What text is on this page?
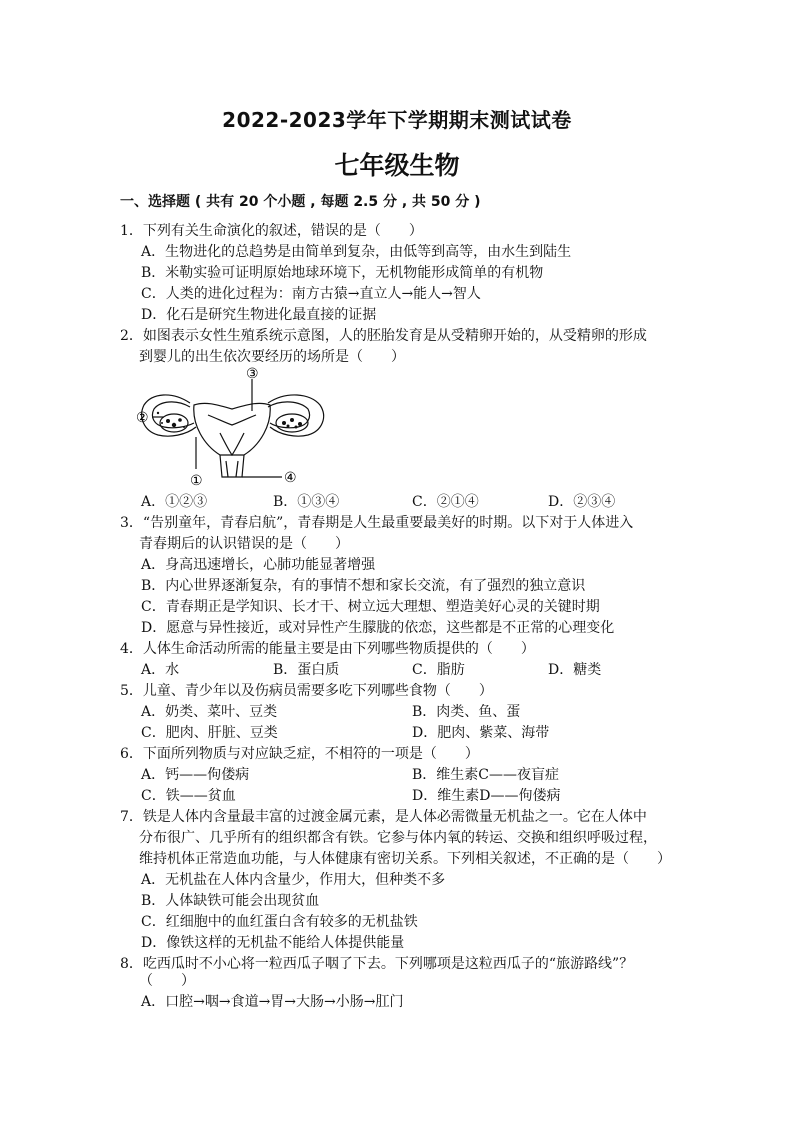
2022-2023学年下学期期末测试试卷
七年级生物
一、选择题 ( 共有 20 个小题 , 每题 2.5 分 , 共 50 分 )
1．下列有关生命演化的叙述，错误的是（　　）
A．生物进化的总趋势是由简单到复杂，由低等到高等，由水生到陆生
B．米勒实验可证明原始地球环境下，无机物能形成简单的有机物
C．人类的进化过程为：南方古猿→直立人→能人→智人
D．化石是研究生物进化最直接的证据
2．如图表示女性生殖系统示意图，人的胚胎发育是从受精卵开始的，从受精卵的形成
到婴儿的出生依次要经历的场所是（　　）
②
③
①	④
A．①②③	B．①③④	C．②①④	D．②③④
3．“告别童年，青春启航”，青春期是人生最重要最美好的时期。以下对于人体进入
青春期后的认识错误的是（　　）
A．身高迅速增长，心肺功能显著增强
B．内心世界逐渐复杂，有的事情不想和家长交流，有了强烈的独立意识
C．青春期正是学知识、长才干、树立远大理想、塑造美好心灵的关键时期
D．愿意与异性接近，或对异性产生朦胧的依恋，这些都是不正常的心理变化
4．人体生命活动所需的能量主要是由下列哪些物质提供的（　　）
A．水	B．蛋白质	C．脂肪	D．糖类
5．儿童、青少年以及伤病员需要多吃下列哪些食物（　　）
A．奶类、菜叶、豆类	B．肉类、鱼、蛋
C．肥肉、肝脏、豆类	D．肥肉、紫菜、海带
6．下面所列物质与对应缺乏症，不相符的一项是（　　）
A．钙——佝偻病	B．维生素C——夜盲症
C．铁——贫血	D．维生素D——佝偻病
7．铁是人体内含量最丰富的过渡金属元素，是人体必需微量无机盐之一。它在人体中
分布很广、几乎所有的组织都含有铁。它参与体内氧的转运、交换和组织呼吸过程，
维持机体正常造血功能，与人体健康有密切关系。下列相关叙述，不正确的是（　　）
A．无机盐在人体内含量少，作用大，但种类不多
B．人体缺铁可能会出现贫血
C．红细胞中的血红蛋白含有较多的无机盐铁
D．像铁这样的无机盐不能给人体提供能量
8．吃西瓜时不小心将一粒西瓜子咽了下去。下列哪项是这粒西瓜子的“旅游路线”？
（　　）
A．口腔→咽→食道→胃→大肠→小肠→肛门
